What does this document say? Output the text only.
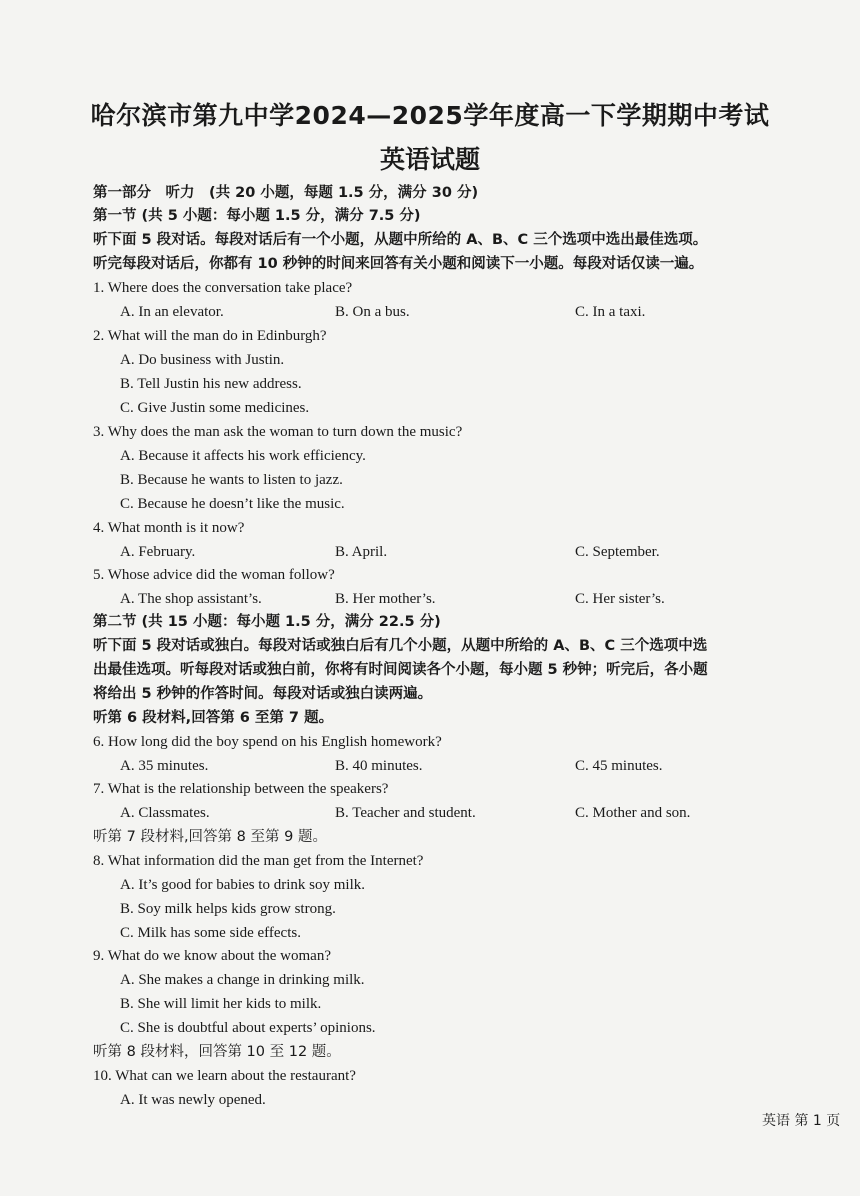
哈尔滨市第九中学2024—2025学年度高一下学期期中考试
英语试题
第一部分　听力　(共 20 小题，每题 1.5 分，满分 30 分)
第一节 (共 5 小题：每小题 1.5 分，满分 7.5 分)
听下面 5 段对话。每段对话后有一个小题，从题中所给的 A、B、C 三个选项中选出最佳选项。
听完每段对话后，你都有 10 秒钟的时间来回答有关小题和阅读下一小题。每段对话仅读一遍。
1. Where does the conversation take place?
A. In an elevator.	B. On a bus.	C. In a taxi.
2. What will the man do in Edinburgh?
A. Do business with Justin.
B. Tell Justin his new address.
C. Give Justin some medicines.
3. Why does the man ask the woman to turn down the music?
A. Because it affects his work efficiency.
B. Because he wants to listen to jazz.
C. Because he doesn’t like the music.
4. What month is it now?
A. February.	B. April.	C. September.
5. Whose advice did the woman follow?
A. The shop assistant’s.	B. Her mother’s.	C. Her sister’s.
第二节 (共 15 小题：每小题 1.5 分，满分 22.5 分)
听下面 5 段对话或独白。每段对话或独白后有几个小题，从题中所给的 A、B、C 三个选项中选
出最佳选项。听每段对话或独白前，你将有时间阅读各个小题，每小题 5 秒钟；听完后，各小题
将给出 5 秒钟的作答时间。每段对话或独白读两遍。
听第 6 段材料,回答第 6 至第 7 题。
6. How long did the boy spend on his English homework?
A. 35 minutes.	B. 40 minutes.	C. 45 minutes.
7. What is the relationship between the speakers?
A. Classmates.	B. Teacher and student.	C. Mother and son.
听第 7 段材料,回答第 8 至第 9 题。
8. What information did the man get from the Internet?
A. It’s good for babies to drink soy milk.
B. Soy milk helps kids grow strong.
C. Milk has some side effects.
9. What do we know about the woman?
A. She makes a change in drinking milk.
B. She will limit her kids to milk.
C. She is doubtful about experts’ opinions.
听第 8 段材料，回答第 10 至 12 题。
10. What can we learn about the restaurant?
A. It was newly opened.
英语 第 1 页
